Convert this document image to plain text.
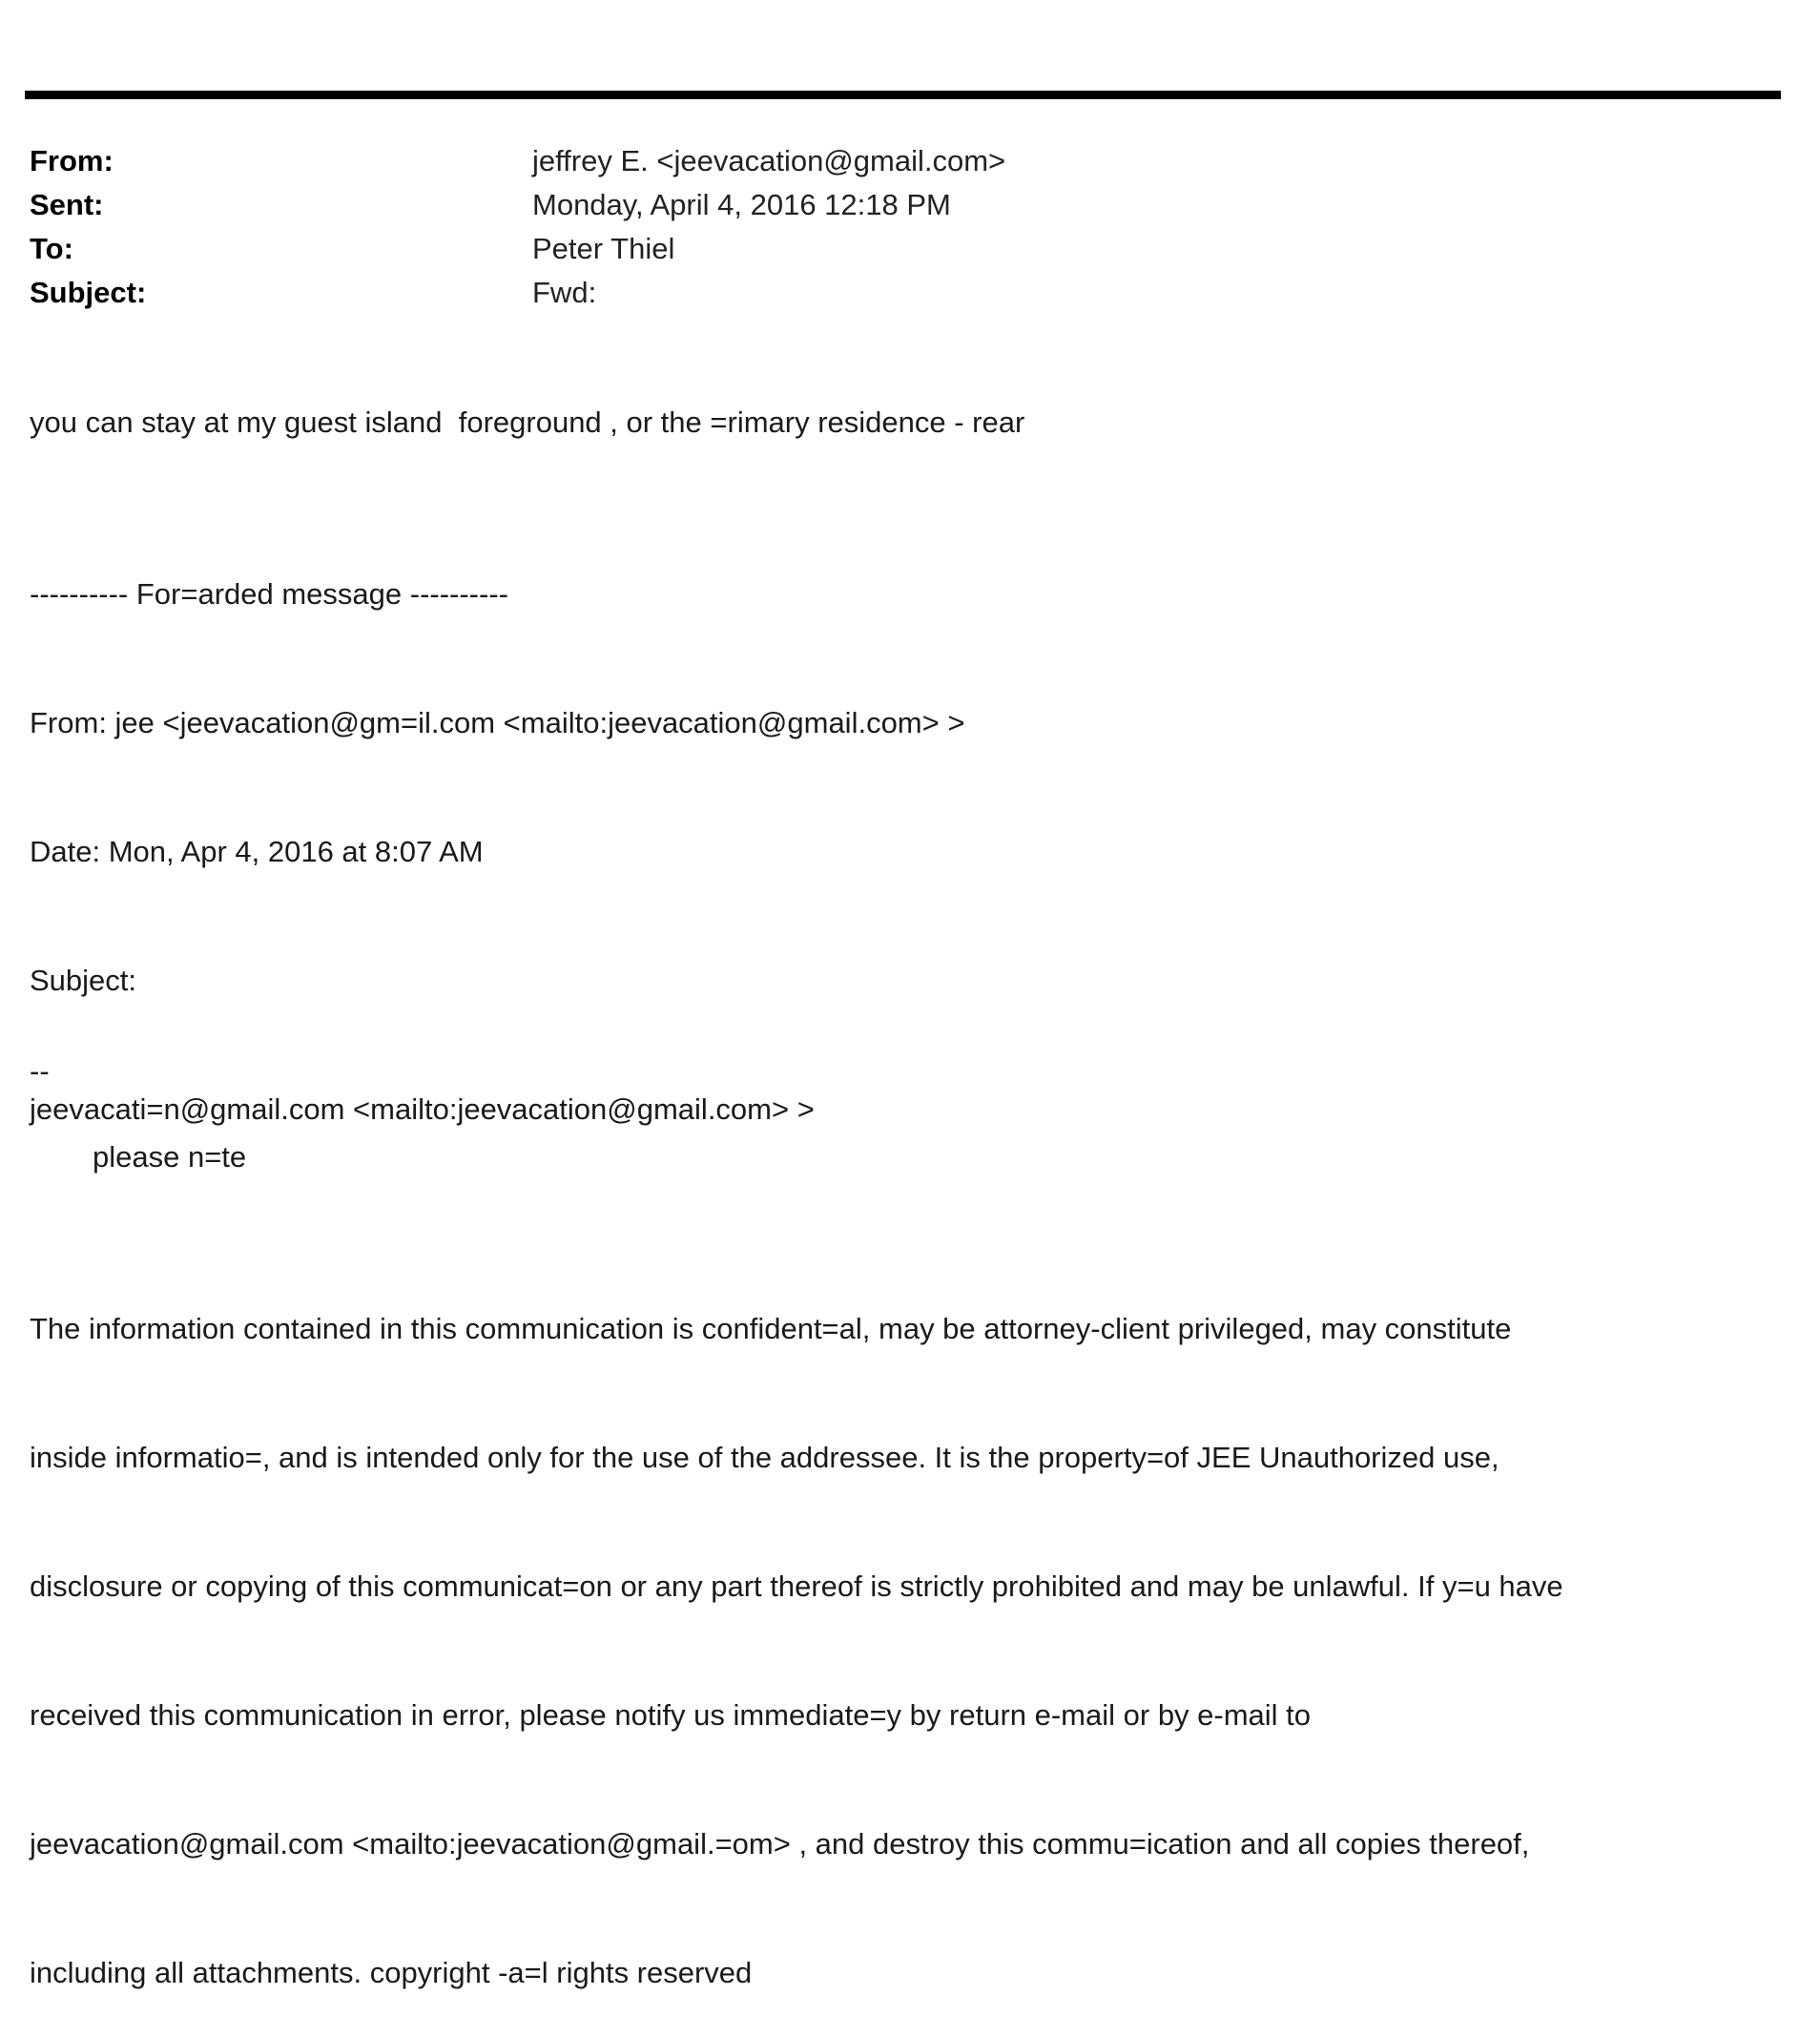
From:	jeffrey E. <jeevacation@gmail.com>
Sent:	Monday, April 4, 2016 12:18 PM
To:	Peter Thiel
Subject:	Fwd:
you can stay at my guest island  foreground , or the =rimary residence - rear

---------- For=arded message ----------

From: jee <jeevacation@gm=il.com <mailto:jeevacation@gmail.com> >

Date: Mon, Apr 4, 2016 at 8:07 AM

Subject:

jeevacati=n@gmail.com <mailto:jeevacation@gmail.com> >

--
please n=te

The information contained in this communication is confident=al, may be attorney-client privileged, may constitute

inside informatio=, and is intended only for the use of the addressee. It is the property=of JEE Unauthorized use,

disclosure or copying of this communicat=on or any part thereof is strictly prohibited and may be unlawful. If y=u have

received this communication in error, please notify us immediate=y by return e-mail or by e-mail to

jeevacation@gmail.com <mailto:jeevacation@gmail.=om> , and destroy this commu=ication and all copies thereof,

including all attachments. copyright -a=l rights reserved
